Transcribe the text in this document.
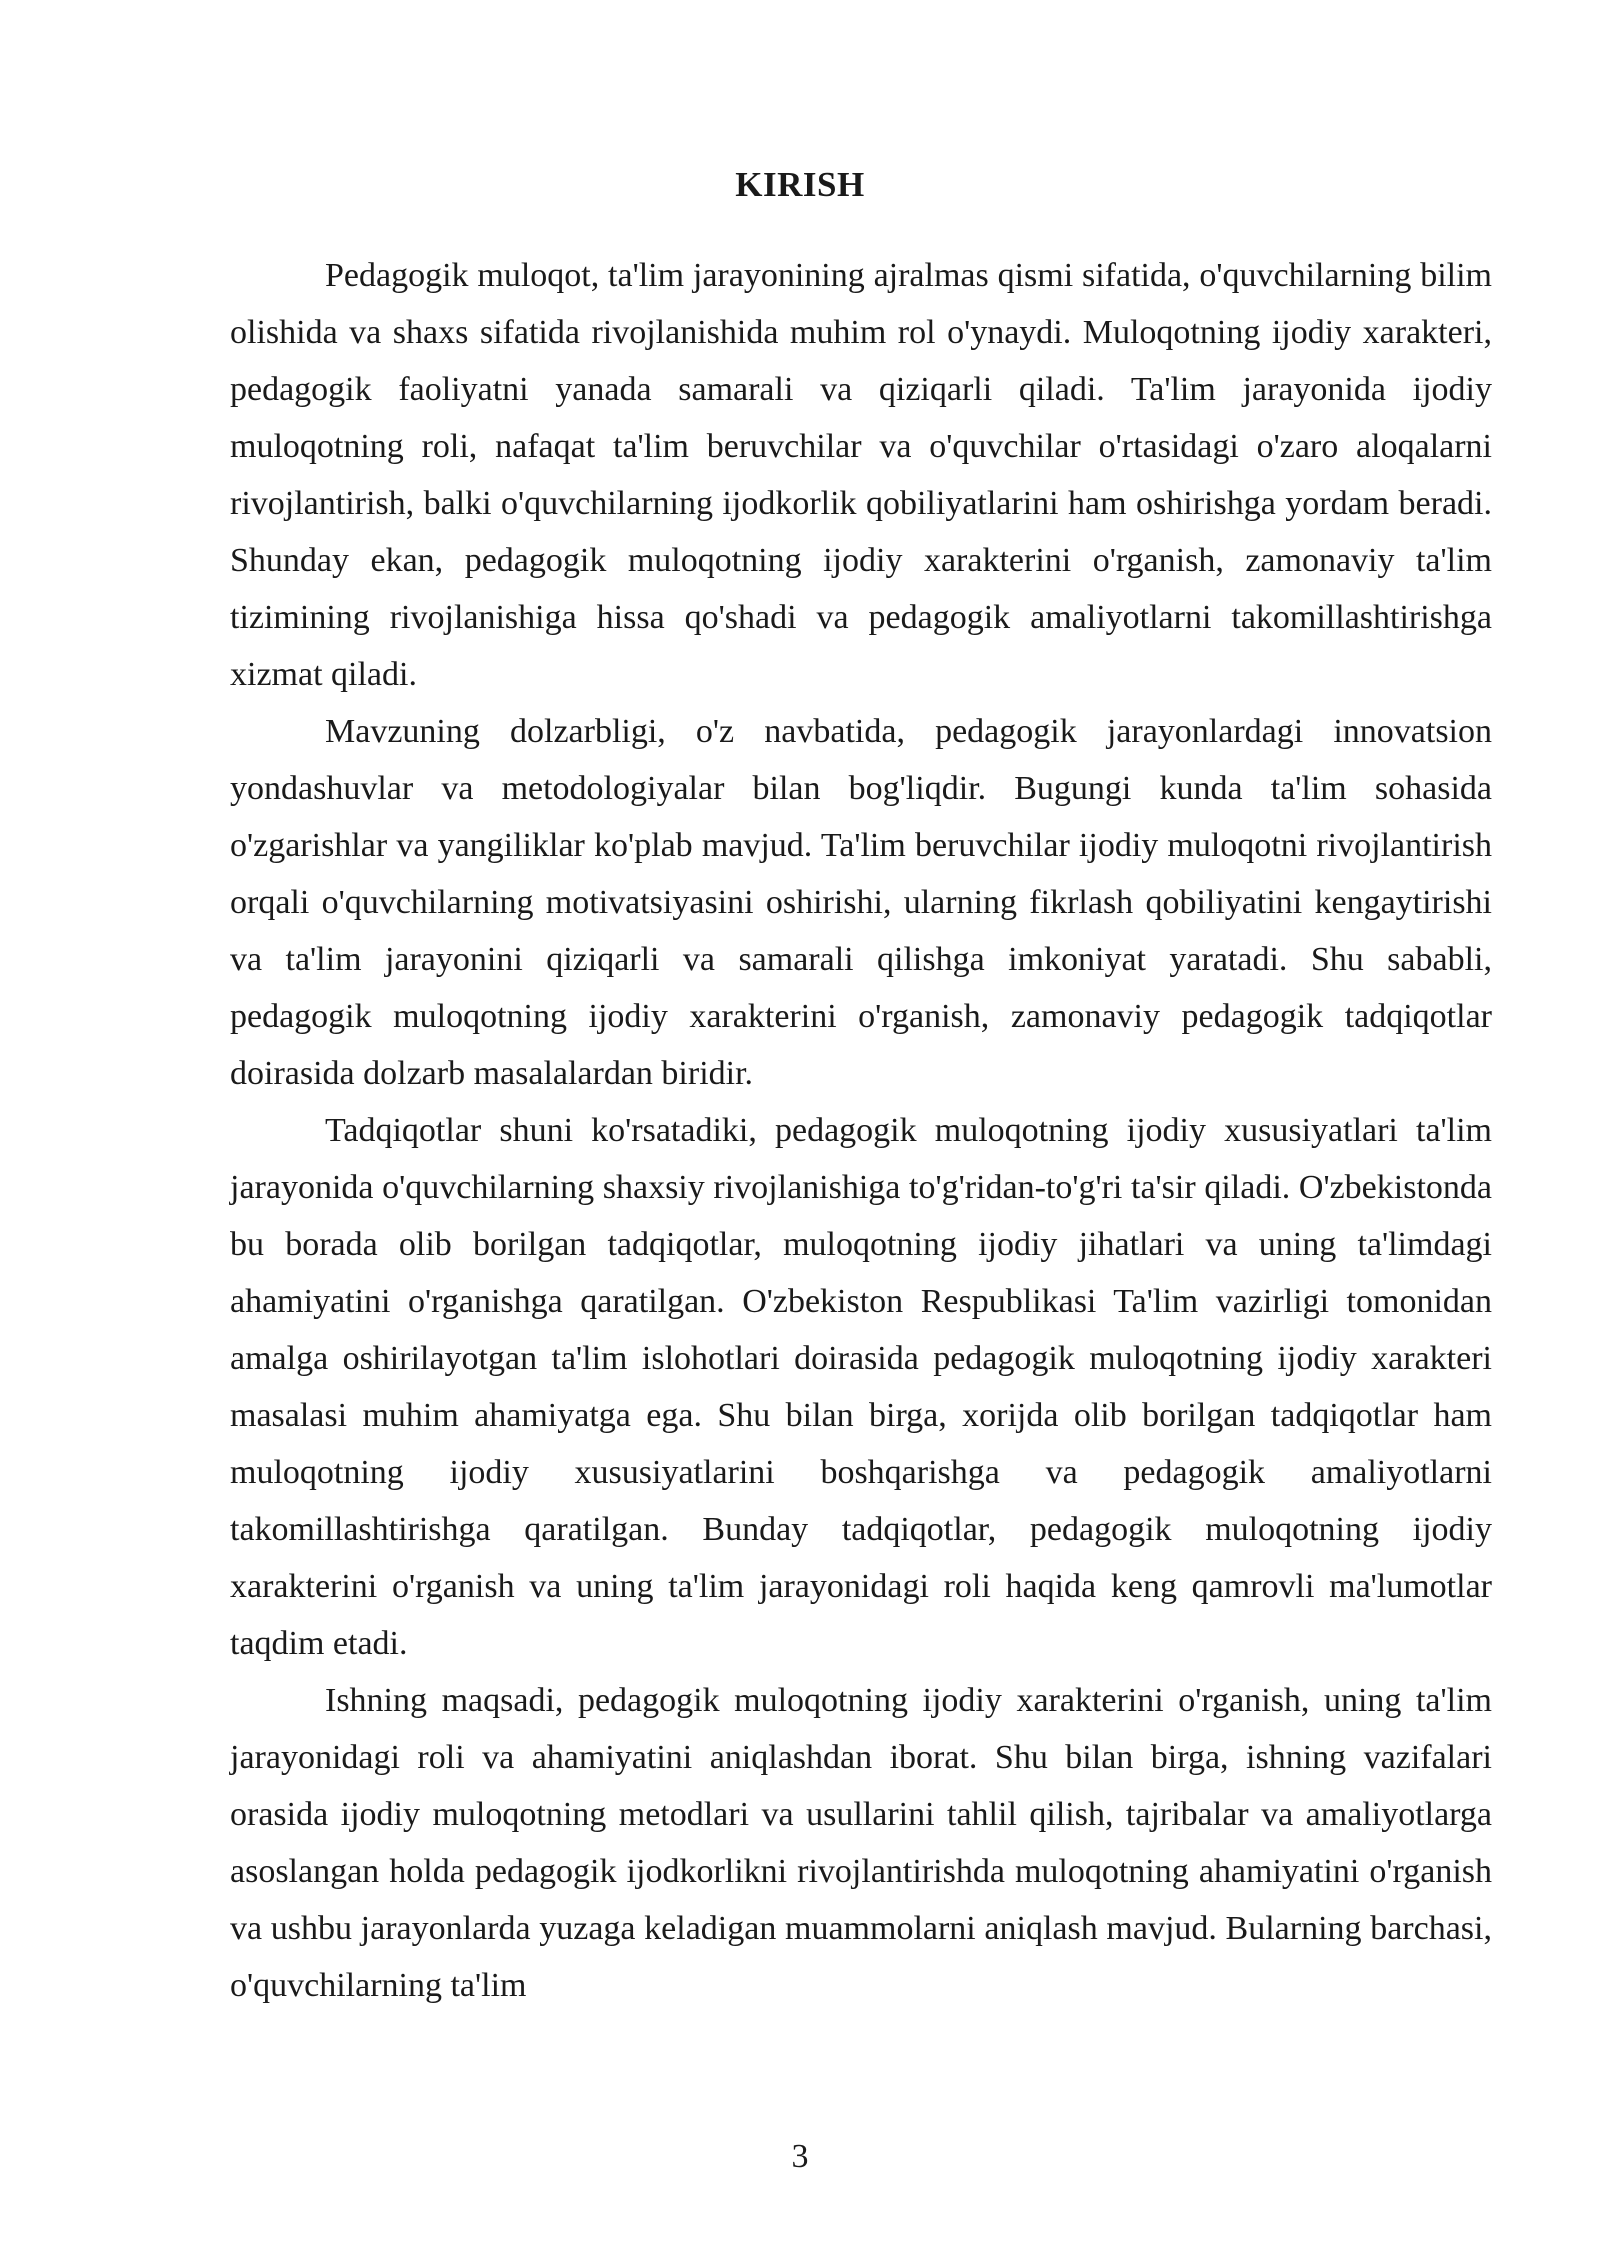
KIRISH

Pedagogik muloqot, ta'lim jarayonining ajralmas qismi sifatida, o'quvchilarning bilim olishida va shaxs sifatida rivojlanishida muhim rol o'ynaydi. Muloqotning ijodiy xarakteri, pedagogik faoliyatni yanada samarali va qiziqarli qiladi. Ta'lim jarayonida ijodiy muloqotning roli, nafaqat ta'lim beruvchilar va o'quvchilar o'rtasidagi o'zaro aloqalarni rivojlantirish, balki o'quvchilarning ijodkorlik qobiliyatlarini ham oshirishga yordam beradi. Shunday ekan, pedagogik muloqotning ijodiy xarakterini o'rganish, zamonaviy ta'lim tizimining rivojlanishiga hissa qo'shadi va pedagogik amaliyotlarni takomillashtirishga xizmat qiladi.

Mavzuning dolzarbligi, o'z navbatida, pedagogik jarayonlardagi innovatsion yondashuvlar va metodologiyalar bilan bog'liqdir. Bugungi kunda ta'lim sohasida o'zgarishlar va yangiliklar ko'plab mavjud. Ta'lim beruvchilar ijodiy muloqotni rivojlantirish orqali o'quvchilarning motivatsiyasini oshirishi, ularning fikrlash qobiliyatini kengaytirishi va ta'lim jarayonini qiziqarli va samarali qilishga imkoniyat yaratadi. Shu sababli, pedagogik muloqotning ijodiy xarakterini o'rganish, zamonaviy pedagogik tadqiqotlar doirasida dolzarb masalalardan biridir.

Tadqiqotlar shuni ko'rsatadiki, pedagogik muloqotning ijodiy xususiyatlari ta'lim jarayonida o'quvchilarning shaxsiy rivojlanishiga to'g'ridan-to'g'ri ta'sir qiladi. O'zbekistonda bu borada olib borilgan tadqiqotlar, muloqotning ijodiy jihatlari va uning ta'limdagi ahamiyatini o'rganishga qaratilgan. O'zbekiston Respublikasi Ta'lim vazirligi tomonidan amalga oshirilayotgan ta'lim islohotlari doirasida pedagogik muloqotning ijodiy xarakteri masalasi muhim ahamiyatga ega. Shu bilan birga, xorijda olib borilgan tadqiqotlar ham muloqotning ijodiy xususiyatlarini boshqarishga va pedagogik amaliyotlarni takomillashtirishga qaratilgan. Bunday tadqiqotlar, pedagogik muloqotning ijodiy xarakterini o'rganish va uning ta'lim jarayonidagi roli haqida keng qamrovli ma'lumotlar taqdim etadi.

Ishning maqsadi, pedagogik muloqotning ijodiy xarakterini o'rganish, uning ta'lim jarayonidagi roli va ahamiyatini aniqlashdan iborat. Shu bilan birga, ishning vazifalari orasida ijodiy muloqotning metodlari va usullarini tahlil qilish, tajribalar va amaliyotlarga asoslangan holda pedagogik ijodkorlikni rivojlantirishda muloqotning ahamiyatini o'rganish va ushbu jarayonlarda yuzaga keladigan muammolarni aniqlash mavjud. Bularning barchasi, o'quvchilarning ta'lim

3
